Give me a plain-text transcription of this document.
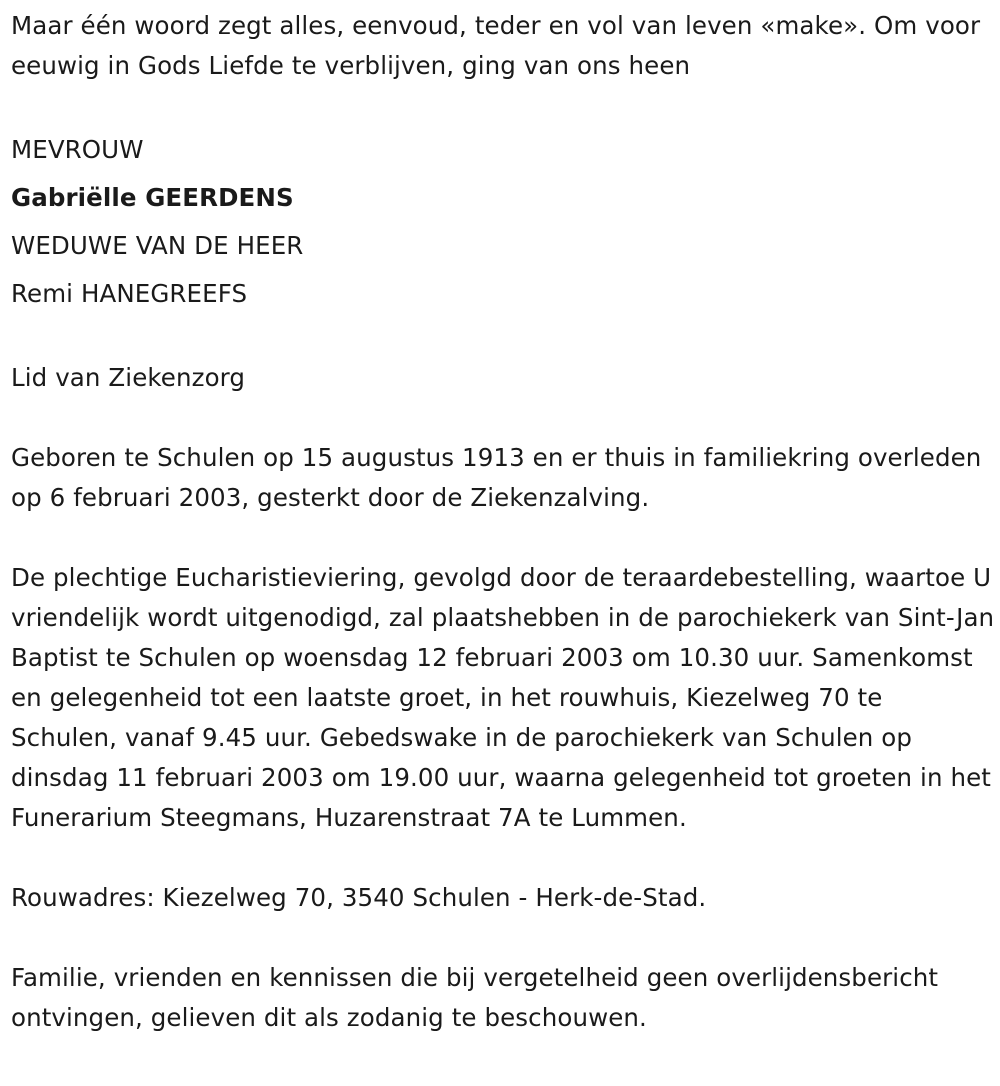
Maar één woord zegt alles, eenvoud, teder en vol van leven «make». Om voor eeuwig in Gods Liefde te verblijven, ging van ons heen

MEVROUW

Gabriëlle GEERDENS

WEDUWE VAN DE HEER

Remi HANEGREEFS

Lid van Ziekenzorg

Geboren te Schulen op 15 augustus 1913 en er thuis in familiekring overleden op 6 februari 2003, gesterkt door de Ziekenzalving.

De plechtige Eucharistieviering, gevolgd door de teraardebestelling, waartoe U vriendelijk wordt uitgenodigd, zal plaatshebben in de parochiekerk van Sint-Jan Baptist te Schulen op woensdag 12 februari 2003 om 10.30 uur. Samenkomst en gelegenheid tot een laatste groet, in het rouwhuis, Kiezelweg 70 te Schulen, vanaf 9.45 uur. Gebedswake in de parochiekerk van Schulen op dinsdag 11 februari 2003 om 19.00 uur, waarna gelegenheid tot groeten in het Funerarium Steegmans, Huzarenstraat 7A te Lummen.

Rouwadres: Kiezelweg 70, 3540 Schulen - Herk-de-Stad.

Familie, vrienden en kennissen die bij vergetelheid geen overlijdensbericht ontvingen, gelieven dit als zodanig te beschouwen.
